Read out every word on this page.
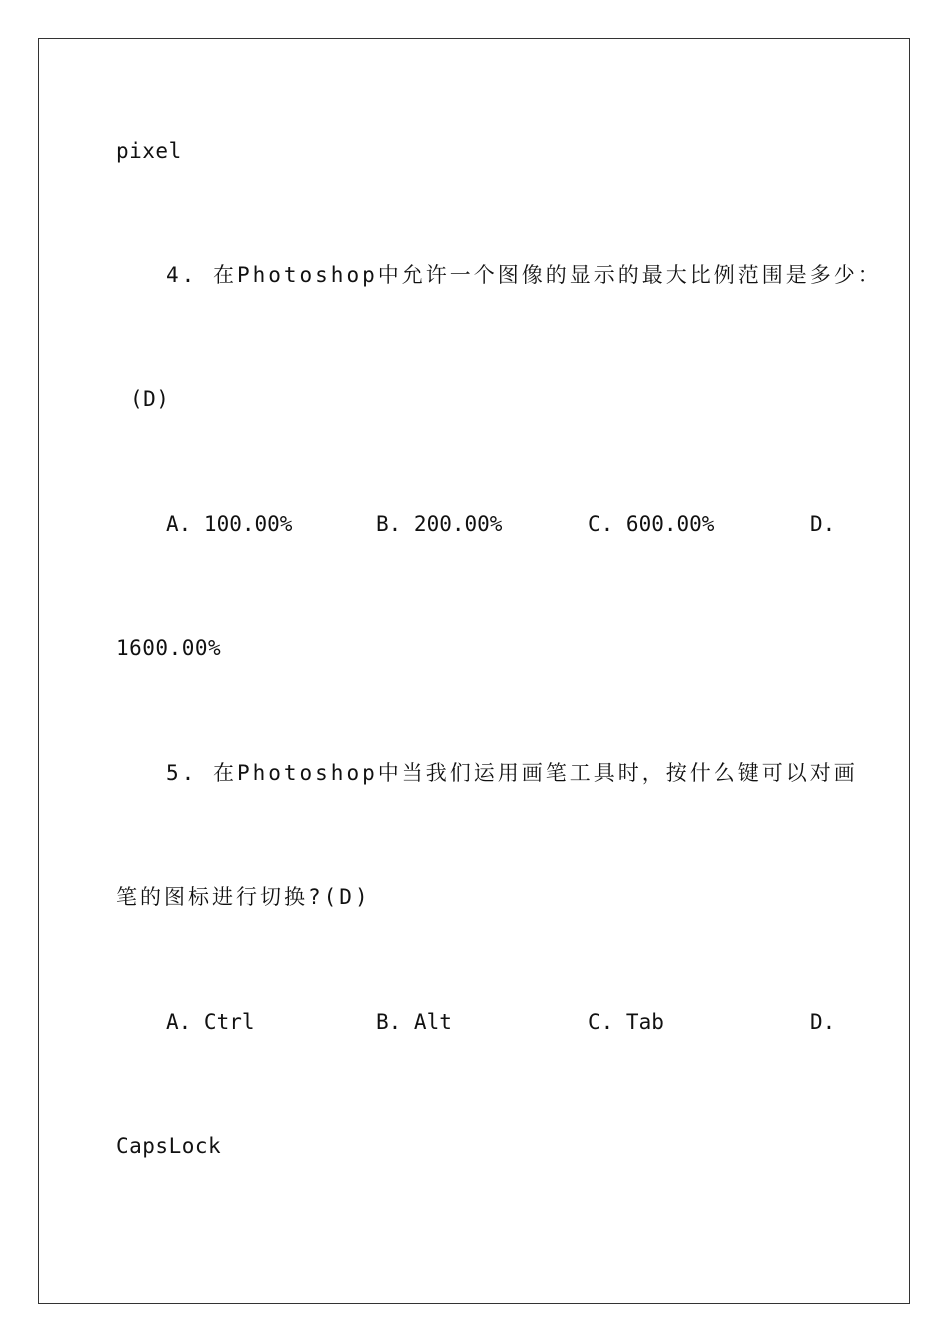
pixel
4. 在Photoshop中允许一个图像的显示的最大比例范围是多少：
(D)
A. 100.00%	B. 200.00%	C. 600.00%	D.
1600.00%
5. 在Photoshop中当我们运用画笔工具时，按什么键可以对画
笔的图标进行切换?(D)
A. Ctrl	B. Alt	C. Tab	D.
CapsLock
